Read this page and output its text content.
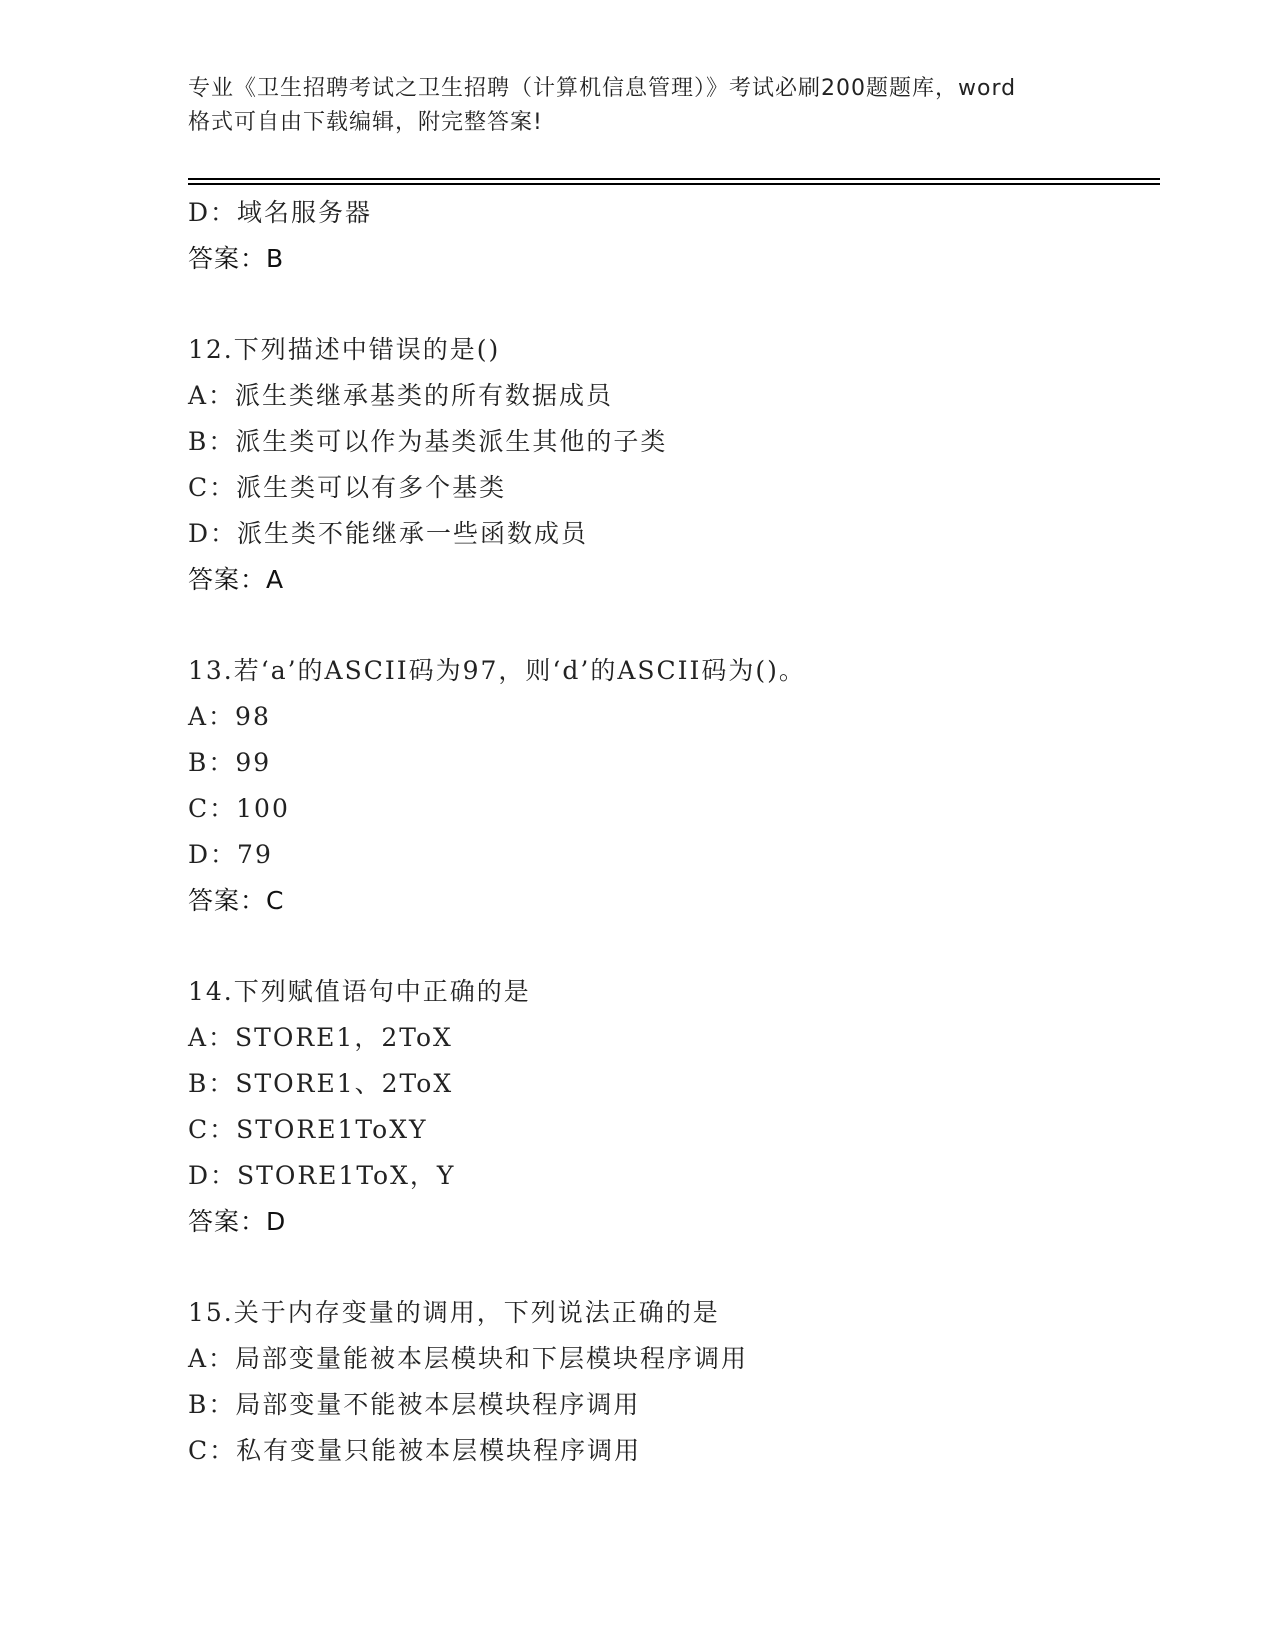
专业《卫生招聘考试之卫生招聘（计算机信息管理）》考试必刷200题题库，word
格式可自由下载编辑，附完整答案!
D：域名服务器
答案：B
12.下列描述中错误的是()
A：派生类继承基类的所有数据成员
B：派生类可以作为基类派生其他的子类
C：派生类可以有多个基类
D：派生类不能继承一些函数成员
答案：A
13.若‘a’的ASCII码为97，则‘d’的ASCII码为()。
A：98
B：99
C：100
D：79
答案：C
14.下列赋值语句中正确的是
A：STORE1，2ToX
B：STORE1、2ToX
C：STORE1ToXY
D：STORE1ToX，Y
答案：D
15.关于内存变量的调用，下列说法正确的是
A：局部变量能被本层模块和下层模块程序调用
B：局部变量不能被本层模块程序调用
C：私有变量只能被本层模块程序调用
